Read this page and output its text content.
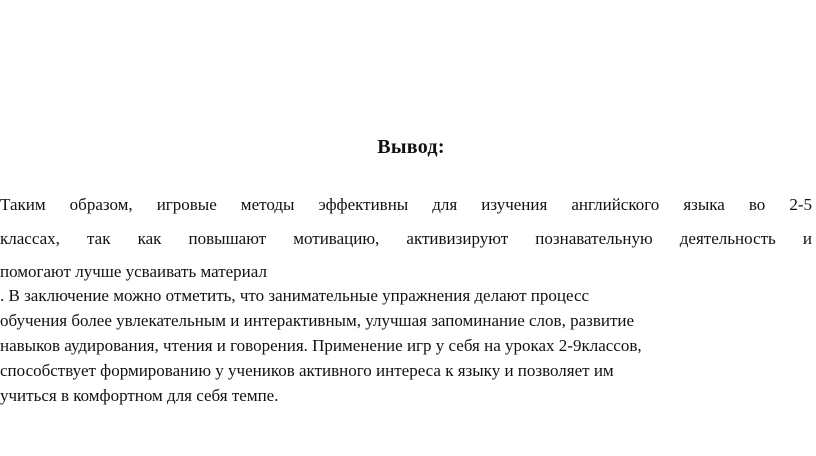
Вывод:
Таким образом, игровые методы эффективны для изучения английского языка во 2-5
классах, так как повышают мотивацию, активизируют познавательную деятельность и
помогают лучше усваивать материал
. В заключение можно отметить, что занимательные упражнения делают процесс
обучения более увлекательным и интерактивным, улучшая запоминание слов, развитие
навыков аудирования, чтения и говорения. Применение игр у себя на уроках 2-9классов,
способствует формированию у учеников активного интереса к языку и позволяет им
учиться в комфортном для себя темпе.
